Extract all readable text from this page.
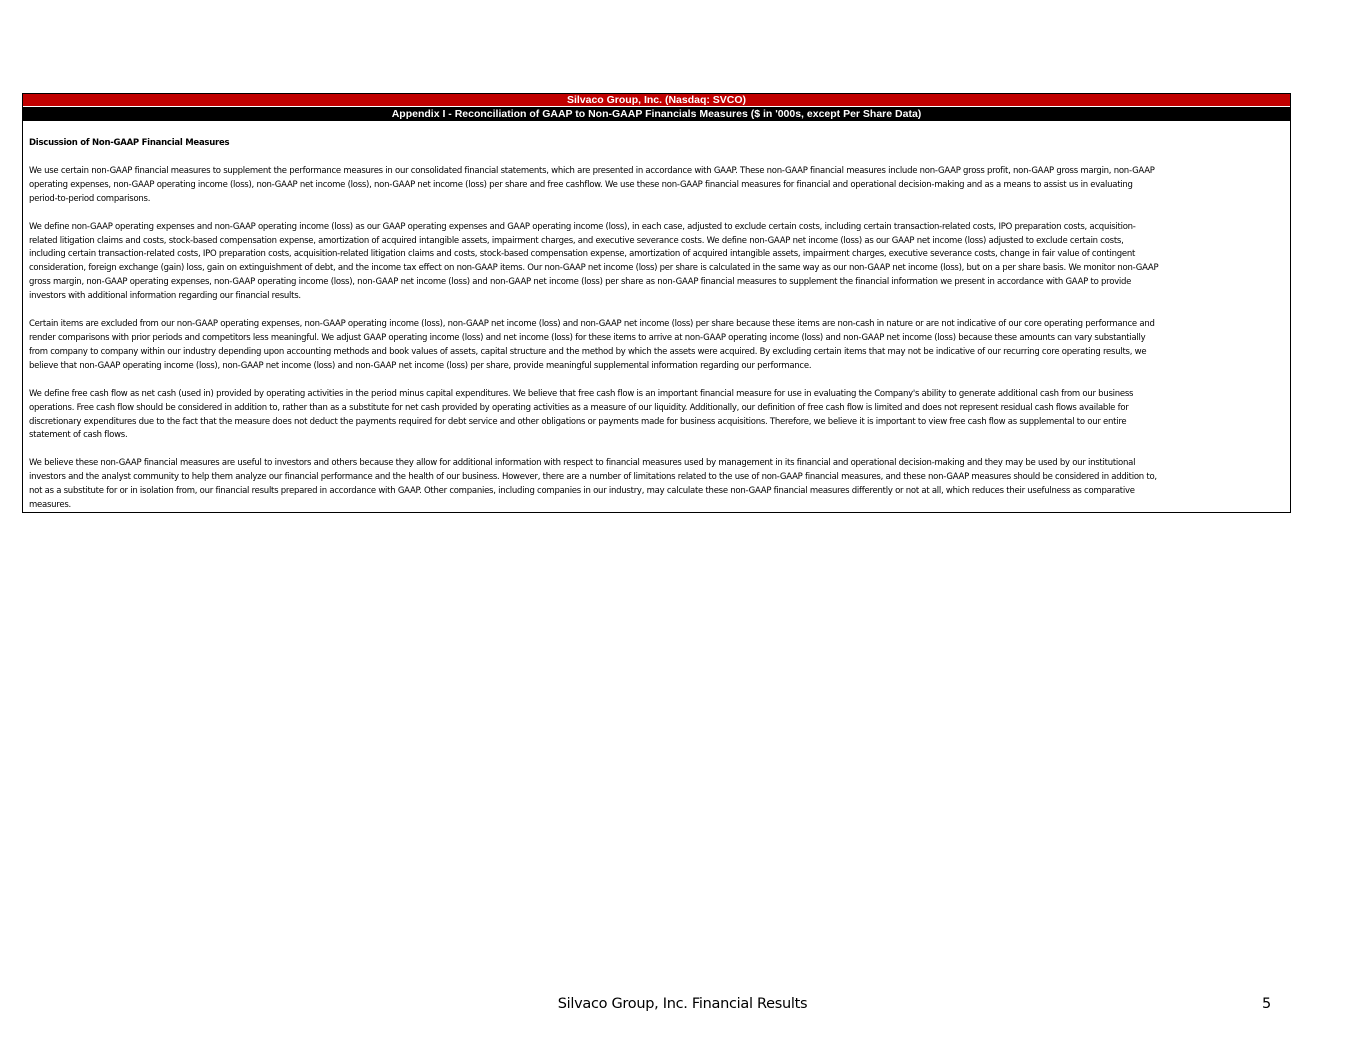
Silvaco Group, Inc. (Nasdaq: SVCO)
Appendix I - Reconciliation of GAAP to Non-GAAP Financials Measures ($ in '000s, except Per Share Data)

Discussion of Non-GAAP Financial Measures

We use certain non-GAAP financial measures to supplement the performance measures in our consolidated financial statements, which are presented in accordance with GAAP. These non-GAAP financial measures include non-GAAP gross profit, non-GAAP gross margin, non-GAAP operating expenses, non-GAAP operating income (loss), non-GAAP net income (loss), non-GAAP net income (loss) per share and free cashflow. We use these non-GAAP financial measures for financial and operational decision-making and as a means to assist us in evaluating period-to-period comparisons.

We define non-GAAP operating expenses and non-GAAP operating income (loss) as our GAAP operating expenses and GAAP operating income (loss), in each case, adjusted to exclude certain costs, including certain transaction-related costs, IPO preparation costs, acquisition-related litigation claims and costs, stock-based compensation expense, amortization of acquired intangible assets, impairment charges, and executive severance costs. We define non-GAAP net income (loss) as our GAAP net income (loss) adjusted to exclude certain costs, including certain transaction-related costs, IPO preparation costs, acquisition-related litigation claims and costs, stock-based compensation expense, amortization of acquired intangible assets, impairment charges, executive severance costs, change in fair value of contingent consideration, foreign exchange (gain) loss, gain on extinguishment of debt, and the income tax effect on non-GAAP items. Our non-GAAP net income (loss) per share is calculated in the same way as our non-GAAP net income (loss), but on a per share basis. We monitor non-GAAP gross margin, non-GAAP operating expenses, non-GAAP operating income (loss), non-GAAP net income (loss) and non-GAAP net income (loss) per share as non-GAAP financial measures to supplement the financial information we present in accordance with GAAP to provide investors with additional information regarding our financial results.

Certain items are excluded from our non-GAAP operating expenses, non-GAAP operating income (loss), non-GAAP net income (loss) and non-GAAP net income (loss) per share because these items are non-cash in nature or are not indicative of our core operating performance and render comparisons with prior periods and competitors less meaningful. We adjust GAAP operating income (loss) and net income (loss) for these items to arrive at non-GAAP operating income (loss) and non-GAAP net income (loss) because these amounts can vary substantially from company to company within our industry depending upon accounting methods and book values of assets, capital structure and the method by which the assets were acquired. By excluding certain items that may not be indicative of our recurring core operating results, we believe that non-GAAP operating income (loss), non-GAAP net income (loss) and non-GAAP net income (loss) per share, provide meaningful supplemental information regarding our performance.

We define free cash flow as net cash (used in) provided by operating activities in the period minus capital expenditures. We believe that free cash flow is an important financial measure for use in evaluating the Company's ability to generate additional cash from our business operations. Free cash flow should be considered in addition to, rather than as a substitute for net cash provided by operating activities as a measure of our liquidity. Additionally, our definition of free cash flow is limited and does not represent residual cash flows available for discretionary expenditures due to the fact that the measure does not deduct the payments required for debt service and other obligations or payments made for business acquisitions. Therefore, we believe it is important to view free cash flow as supplemental to our entire statement of cash flows.

We believe these non-GAAP financial measures are useful to investors and others because they allow for additional information with respect to financial measures used by management in its financial and operational decision-making and they may be used by our institutional investors and the analyst community to help them analyze our financial performance and the health of our business. However, there are a number of limitations related to the use of non-GAAP financial measures, and these non-GAAP measures should be considered in addition to, not as a substitute for or in isolation from, our financial results prepared in accordance with GAAP. Other companies, including companies in our industry, may calculate these non-GAAP financial measures differently or not at all, which reduces their usefulness as comparative measures.

Silvaco Group, Inc. Financial Results	5
